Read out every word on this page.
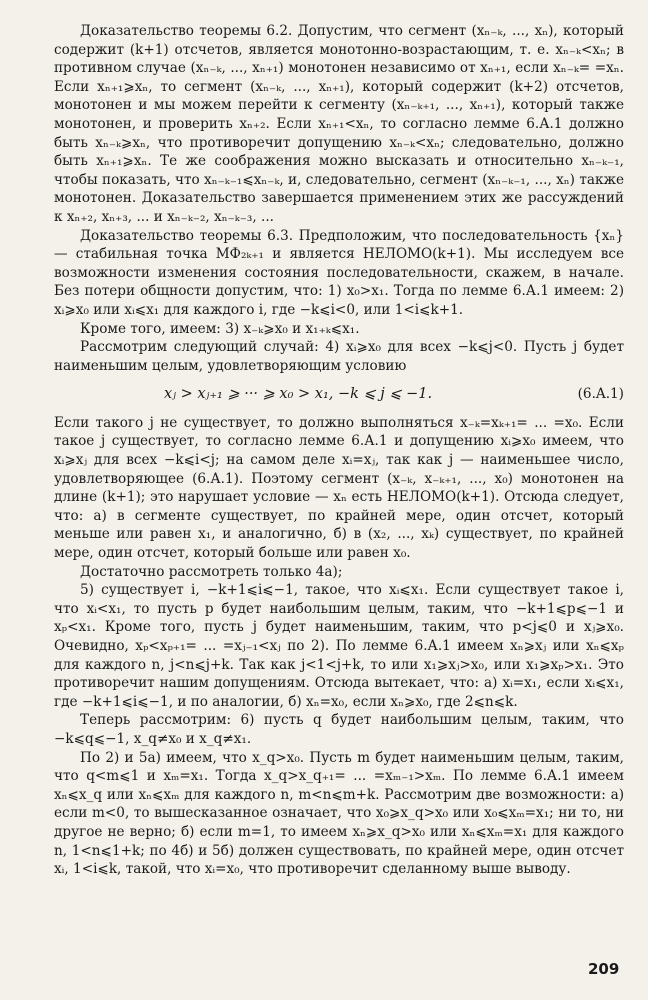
Доказательство теоремы 6.2. Допустим, что сегмент (xₙ₋ₖ, ..., xₙ), который содержит (k+1) отсчетов, является монотонно-возрастающим, т. е. xₙ₋ₖ<xₙ; в противном случае (xₙ₋ₖ, ..., xₙ₊₁) монотонен независимо от xₙ₊₁, если xₙ₋ₖ= =xₙ. Если xₙ₊₁⩾xₙ, то сегмент (xₙ₋ₖ, ..., xₙ₊₁), который содержит (k+2) отсчетов, монотонен и мы можем перейти к сегменту (xₙ₋ₖ₊₁, ..., xₙ₊₁), который также монотонен, и проверить xₙ₊₂. Если xₙ₊₁<xₙ, то согласно лемме 6.А.1 должно быть xₙ₋ₖ⩾xₙ, что противоречит допущению xₙ₋ₖ<xₙ; следовательно, должно быть xₙ₊₁⩾xₙ. Те же соображения можно высказать и относительно xₙ₋ₖ₋₁, чтобы показать, что xₙ₋ₖ₋₁⩽xₙ₋ₖ, и, следовательно, сегмент (xₙ₋ₖ₋₁, ..., xₙ) также монотонен. Доказательство завершается применением этих же рассуждений к xₙ₊₂, xₙ₊₃, ... и xₙ₋ₖ₋₂, xₙ₋ₖ₋₃, ...

Доказательство теоремы 6.3. Предположим, что последовательность {xₙ} — стабильная точка МФ₂ₖ₊₁ и является НЕЛОМО(k+1). Мы исследуем все возможности изменения состояния последовательности, скажем, в начале. Без потери общности допустим, что: 1) x₀>x₁. Тогда по лемме 6.А.1 имеем: 2) xᵢ⩾x₀ или xᵢ⩽x₁ для каждого i, где −k⩽i<0, или 1<i⩽k+1.

Кроме того, имеем: 3) x₋ₖ⩾x₀ и x₁₊ₖ⩽x₁.

Рассмотрим следующий случай: 4) xᵢ⩾x₀ для всех −k⩽j<0. Пусть j будет наименьшим целым, удовлетворяющим условию

xⱼ > xⱼ₊₁ ⩾ ··· ⩾ x₀ > x₁, −k ⩽ j ⩽ −1.	(6.A.1)

Если такого j не существует, то должно выполняться x₋ₖ=xₖ₊₁= ... =x₀. Если такое j существует, то согласно лемме 6.А.1 и допущению xᵢ⩾x₀ имеем, что xᵢ⩾xⱼ для всех −k⩽i<j; на самом деле xᵢ=xⱼ, так как j — наименьшее число, удовлетворяющее (6.А.1). Поэтому сегмент (x₋ₖ, x₋ₖ₊₁, ..., x₀) монотонен на длине (k+1); это нарушает условие — xₙ есть НЕЛОМО(k+1). Отсюда следует, что: а) в сегменте существует, по крайней мере, один отсчет, который меньше или равен x₁, и аналогично, б) в (x₂, ..., xₖ) существует, по крайней мере, один отсчет, который больше или равен x₀.

Достаточно рассмотреть только 4а);

5) существует i, −k+1⩽i⩽−1, такое, что xᵢ⩽x₁. Если существует такое i, что xᵢ<x₁, то пусть p будет наибольшим целым, таким, что −k+1⩽p⩽−1 и xₚ<x₁. Кроме того, пусть j будет наименьшим, таким, что p<j⩽0 и xⱼ⩾x₀. Очевидно, xₚ<xₚ₊₁= ... =xⱼ₋₁<xⱼ по 2). По лемме 6.А.1 имеем xₙ⩾xⱼ или xₙ⩽xₚ для каждого n, j<n⩽j+k. Так как j<1<j+k, то или x₁⩾xⱼ>x₀, или x₁⩾xₚ>x₁. Это противоречит нашим допущениям. Отсюда вытекает, что: а) xᵢ=x₁, если xᵢ⩽x₁, где −k+1⩽i⩽−1, и по аналогии, б) xₙ=x₀, если xₙ⩾x₀, где 2⩽n⩽k.

Теперь рассмотрим: 6) пусть q будет наибольшим целым, таким, что −k⩽q⩽−1, x_q≠x₀ и x_q≠x₁.

По 2) и 5а) имеем, что x_q>x₀. Пусть m будет наименьшим целым, таким, что q<m⩽1 и xₘ=x₁. Тогда x_q>x_q₊₁= ... =xₘ₋₁>xₘ. По лемме 6.А.1 имеем xₙ⩽x_q или xₙ⩽xₘ для каждого n, m<n⩽m+k. Рассмотрим две возможности: а) если m<0, то вышесказанное означает, что x₀⩾x_q>x₀ или x₀⩽xₘ=x₁; ни то, ни другое не верно; б) если m=1, то имеем xₙ⩾x_q>x₀ или xₙ⩽xₘ=x₁ для каждого n, 1<n⩽1+k; по 4б) и 5б) должен существовать, по крайней мере, один отсчет xᵢ, 1<i⩽k, такой, что xᵢ=x₀, что противоречит сделанному выше выводу.

209
